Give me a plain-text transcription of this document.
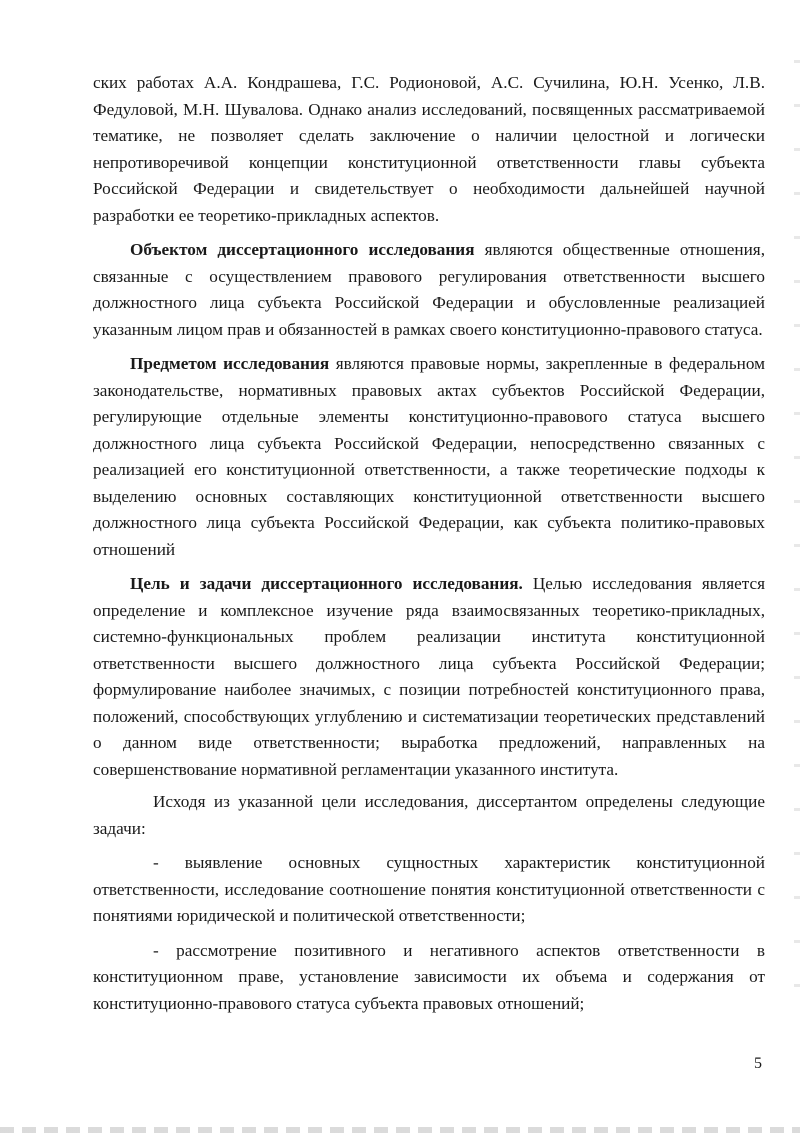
ских работах А.А. Кондрашева, Г.С. Родионовой, А.С. Сучилина, Ю.Н. Усенко, Л.В. Федуловой, М.Н. Шувалова. Однако анализ исследований, посвященных рассматриваемой тематике, не позволяет сделать заключение о наличии целостной и логически непротиворечивой концепции конституционной ответственности главы субъекта Российской Федерации и свидетельствует о необходимости дальнейшей научной разработки ее теоретико-прикладных аспектов.

Объектом диссертационного исследования являются общественные отношения, связанные с осуществлением правового регулирования ответственности высшего должностного лица субъекта Российской Федерации и обусловленные реализацией указанным лицом прав и обязанностей в рамках своего конституционно-правового статуса.

Предметом исследования являются правовые нормы, закрепленные в федеральном законодательстве, нормативных правовых актах субъектов Российской Федерации, регулирующие отдельные элементы конституционно-правового статуса высшего должностного лица субъекта Российской Федерации, непосредственно связанных с реализацией его конституционной ответственности, а также теоретические подходы к выделению основных составляющих конституционной ответственности высшего должностного лица субъекта Российской Федерации, как субъекта политико-правовых отношений

Цель и задачи диссертационного исследования. Целью исследования является определение и комплексное изучение ряда взаимосвязанных теоретико-прикладных, системно-функциональных проблем реализации института конституционной ответственности высшего должностного лица субъекта Российской Федерации; формулирование наиболее значимых, с позиции потребностей конституционного права, положений, способствующих углублению и систематизации теоретических представлений о данном виде ответственности; выработка предложений, направленных на совершенствование нормативной регламентации указанного института.

Исходя из указанной цели исследования, диссертантом определены следующие задачи:

- выявление основных сущностных характеристик конституционной ответственности, исследование соотношение понятия конституционной ответственности с понятиями юридической и политической ответственности;

- рассмотрение позитивного и негативного аспектов ответственности в конституционном праве, установление зависимости их объема и содержания от конституционно-правового статуса субъекта правовых отношений;

5
